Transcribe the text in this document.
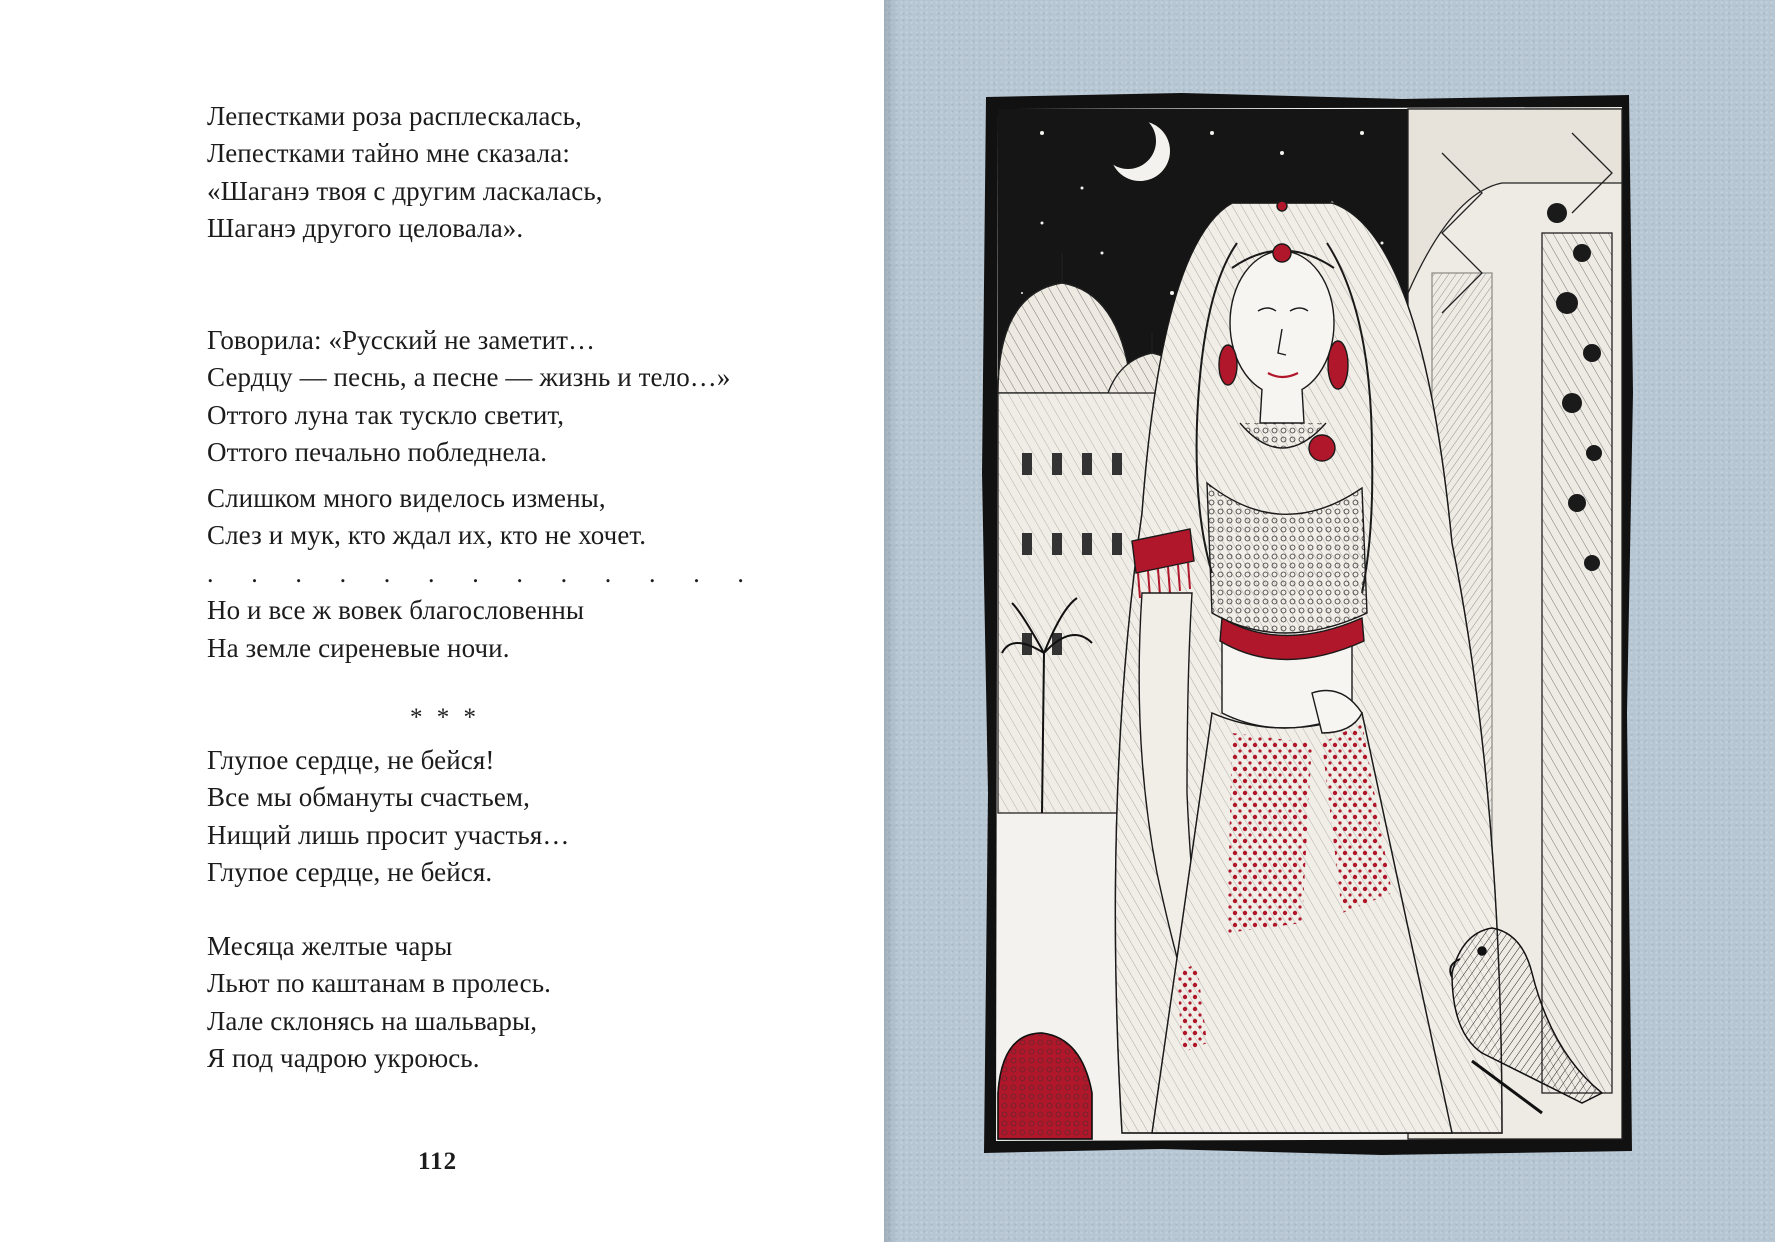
Лепестками роза расплескалась,
Лепестками тайно мне сказала:
«Шаганэ твоя с другим ласкалась,
Шаганэ другого целовала».
Говорила: «Русский не заметит…
Сердцу — песнь, а песне — жизнь и тело…»
Оттого луна так тускло светит,
Оттого печально побледнела.
Слишком много виделось измены,
Слез и мук, кто ждал их, кто не хочет.
. . . . . . . . . . . . .
Но и все ж вовек благословенны
На земле сиреневые ночи.
* * *
Глупое сердце, не бейся!
Все мы обмануты счастьем,
Нищий лишь просит участья…
Глупое сердце, не бейся.
Месяца желтые чары
Льют по каштанам в пролесь.
Лале склонясь на шальвары,
Я под чадрою укроюсь.
112
